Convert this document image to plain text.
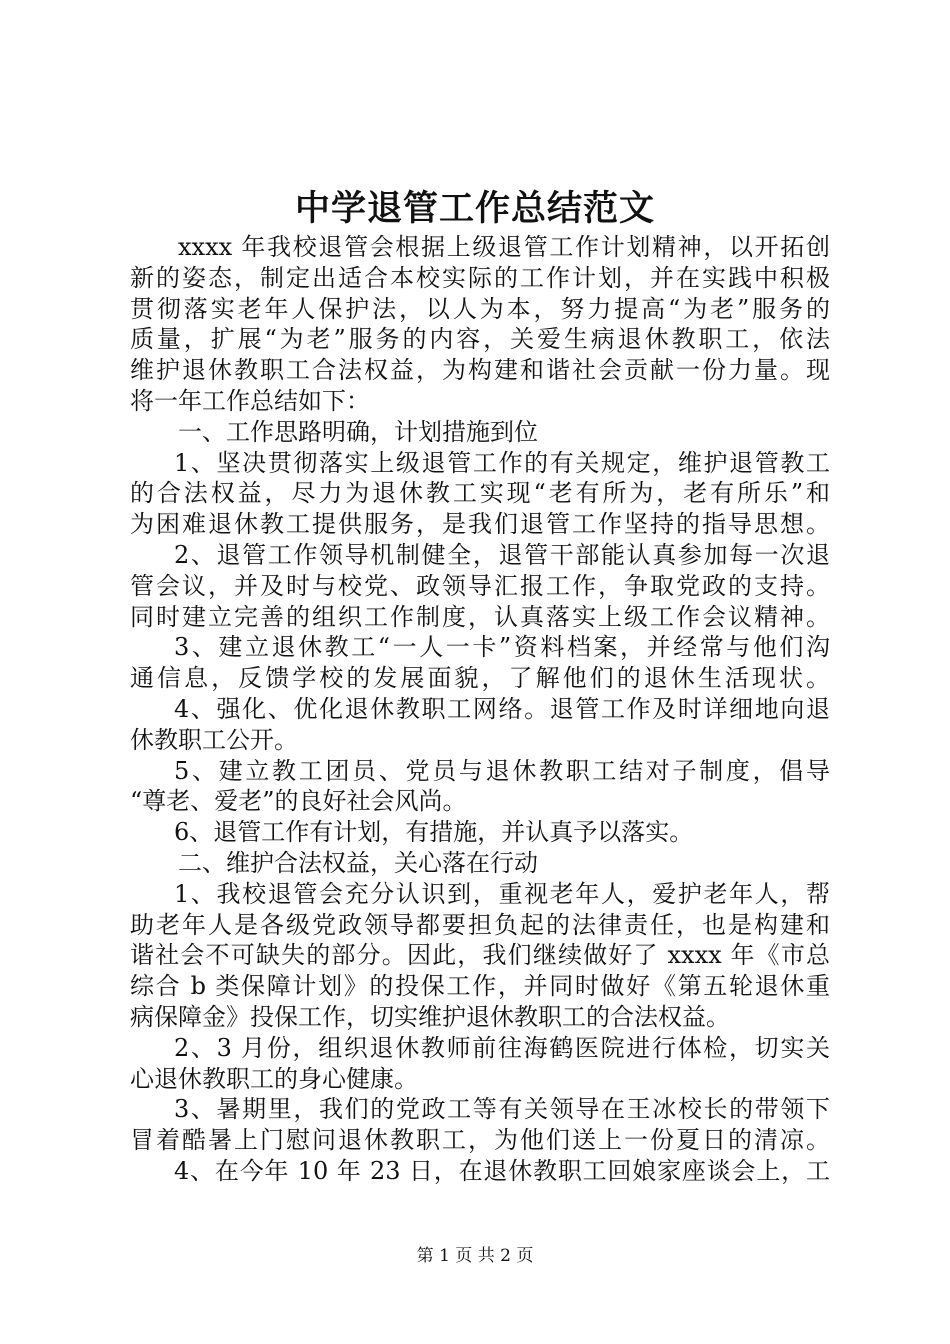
中学退管工作总结范文
xxxx 年我校退管会根据上级退管工作计划精神，以开拓创
新的姿态，制定出适合本校实际的工作计划，并在实践中积极
贯彻落实老年人保护法，以人为本，努力提高“为老”服务的
质量，扩展“为老”服务的内容，关爱生病退休教职工，依法
维护退休教职工合法权益，为构建和谐社会贡献一份力量。现
将一年工作总结如下：
一、工作思路明确，计划措施到位
1、坚决贯彻落实上级退管工作的有关规定，维护退管教工
的合法权益，尽力为退休教工实现“老有所为，老有所乐”和
为困难退休教工提供服务，是我们退管工作坚持的指导思想。
2、退管工作领导机制健全，退管干部能认真参加每一次退
管会议，并及时与校党、政领导汇报工作，争取党政的支持。
同时建立完善的组织工作制度，认真落实上级工作会议精神。
3、建立退休教工“一人一卡”资料档案，并经常与他们沟
通信息，反馈学校的发展面貌，了解他们的退休生活现状。
4、强化、优化退休教职工网络。退管工作及时详细地向退
休教职工公开。
5、建立教工团员、党员与退休教职工结对子制度，倡导
“尊老、爱老”的良好社会风尚。
6、退管工作有计划，有措施，并认真予以落实。
二、维护合法权益，关心落在行动
1、我校退管会充分认识到，重视老年人，爱护老年人，帮
助老年人是各级党政领导都要担负起的法律责任，也是构建和
谐社会不可缺失的部分。因此，我们继续做好了 xxxx 年《市总
综合 b 类保障计划》的投保工作，并同时做好《第五轮退休重
病保障金》投保工作，切实维护退休教职工的合法权益。
2、3 月份，组织退休教师前往海鹤医院进行体检，切实关
心退休教职工的身心健康。
3、暑期里，我们的党政工等有关领导在王冰校长的带领下
冒着酷暑上门慰问退休教职工，为他们送上一份夏日的清凉。
4、在今年 10 年 23 日，在退休教职工回娘家座谈会上，工
第 1 页 共 2 页
